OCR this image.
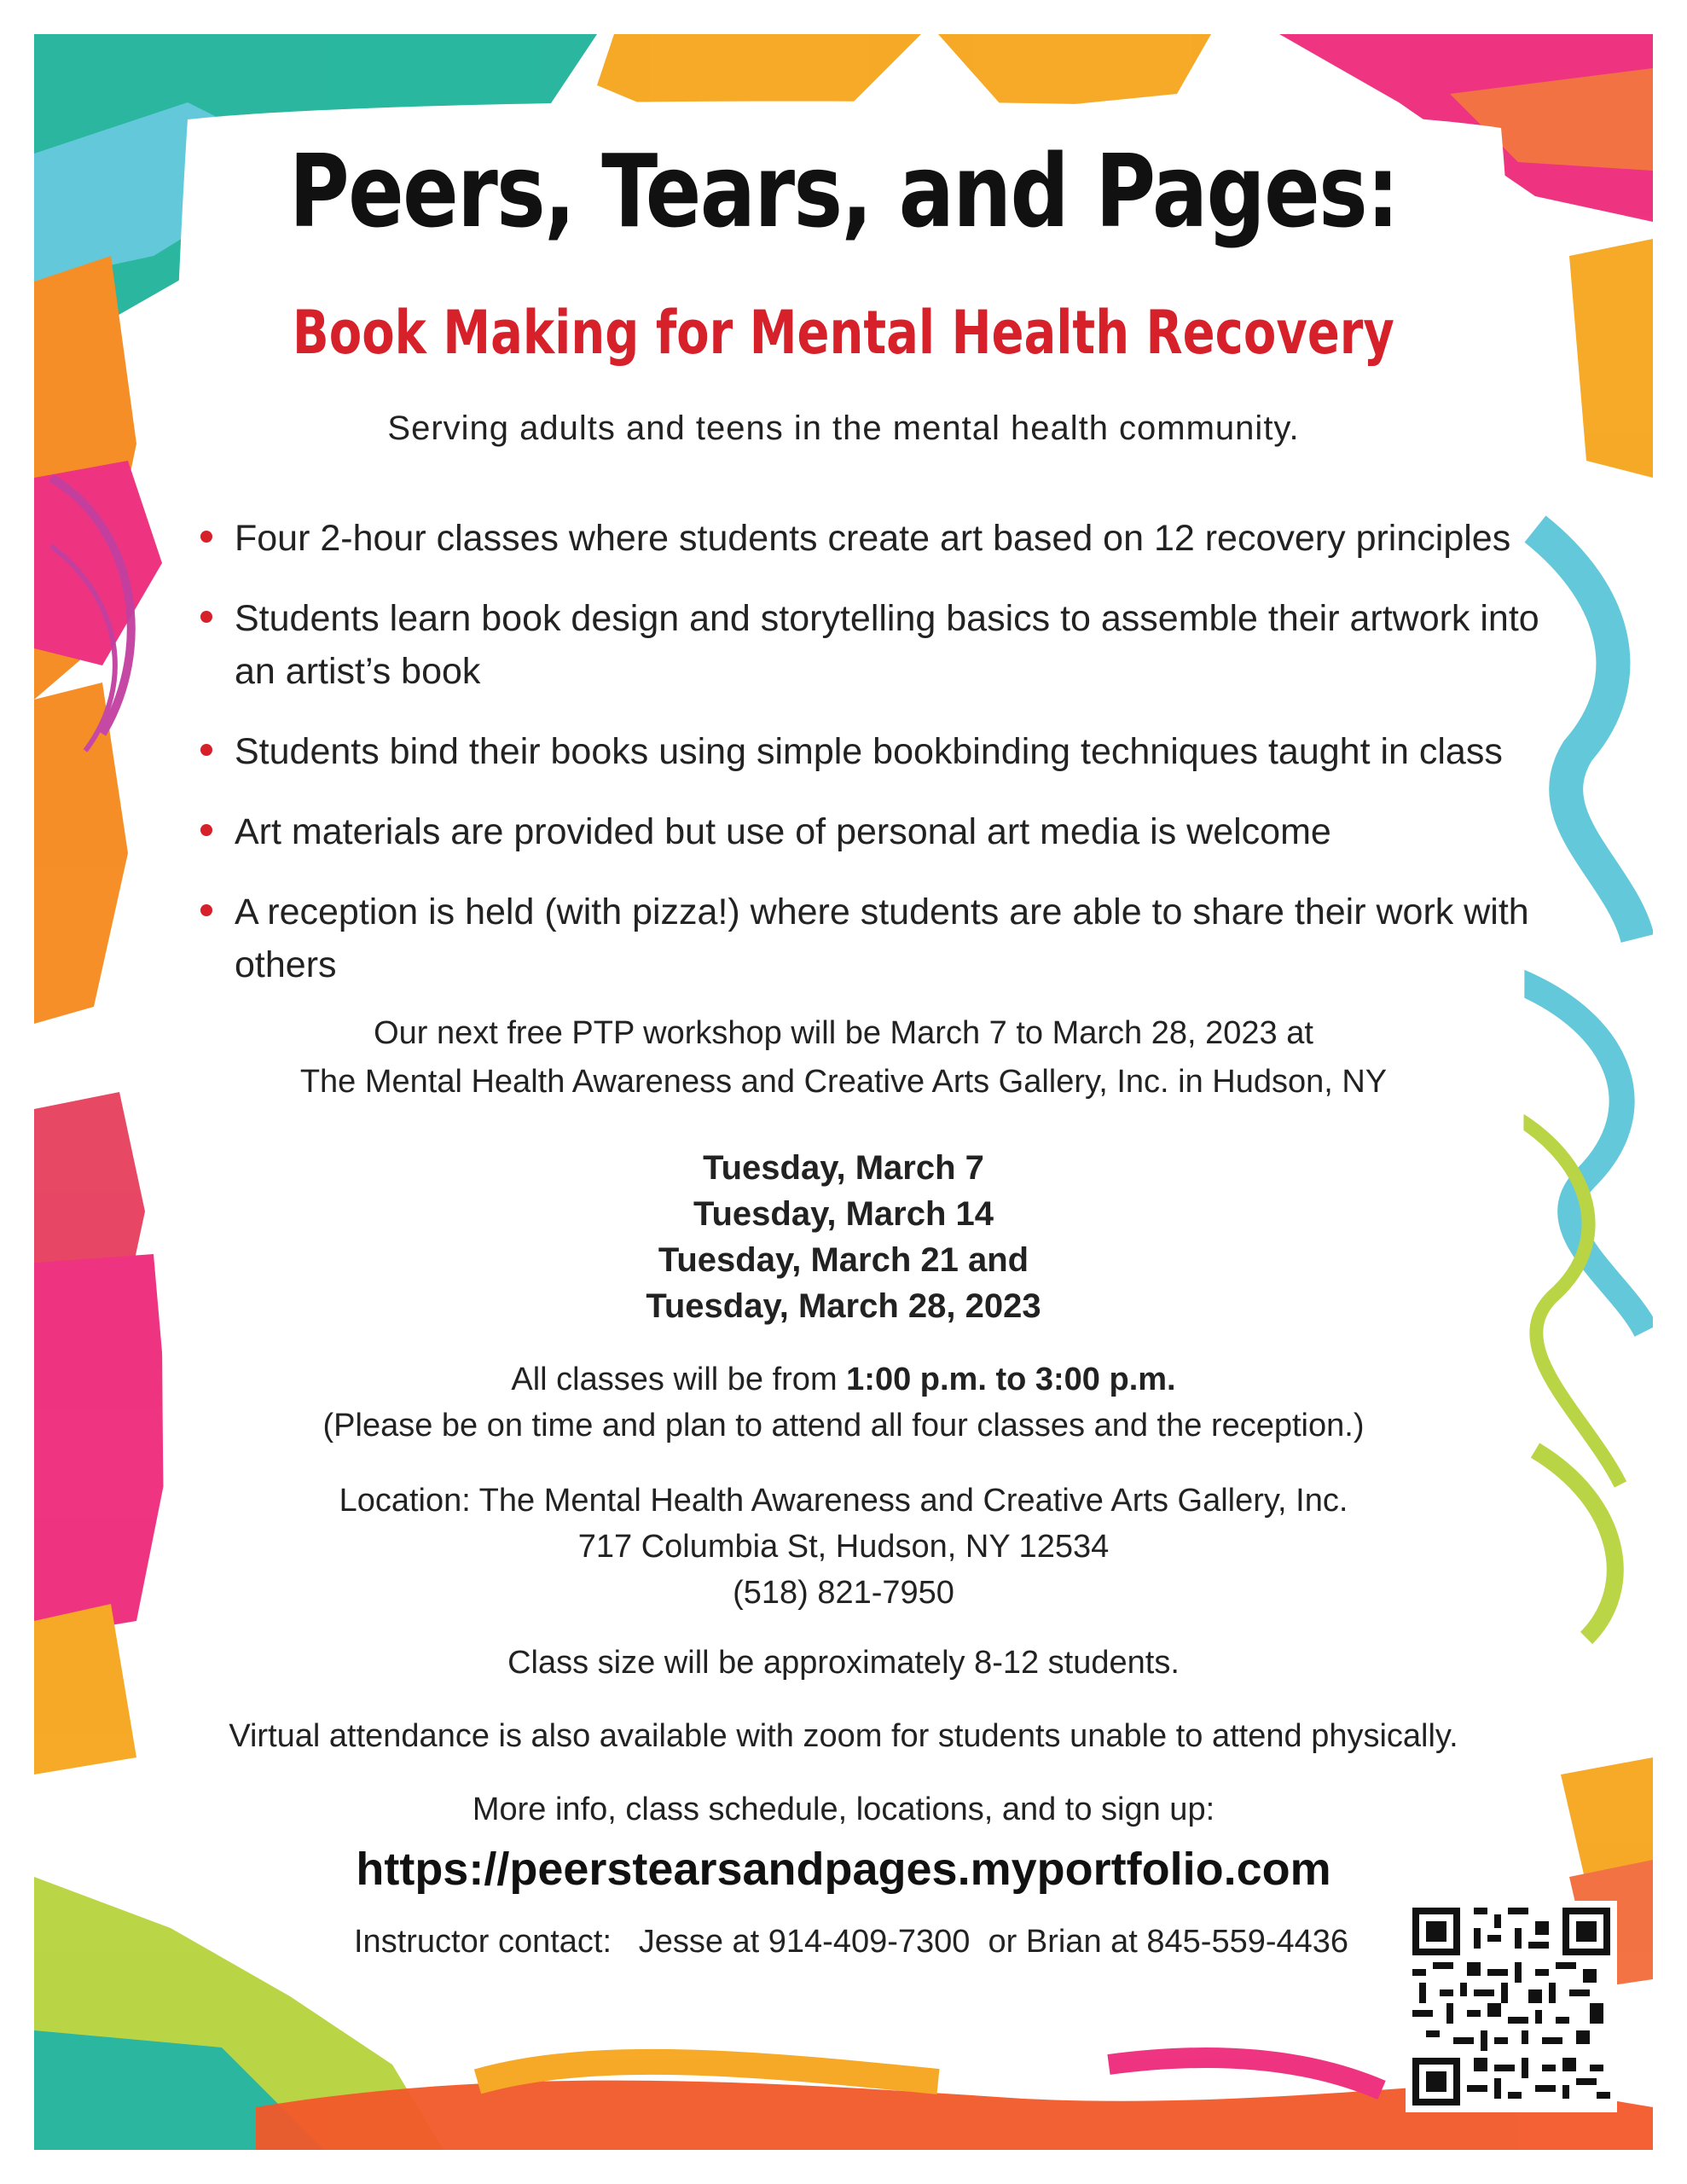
Peers, Tears, and Pages:
Book Making for Mental Health Recovery
Serving adults and teens in the mental health community.
Four 2-hour classes where students create art based on 12 recovery principles
Students learn book design and storytelling basics to assemble their artwork into an artist’s book
Students bind their books using simple bookbinding techniques taught in class
Art materials are provided but use of personal art media is welcome
A reception is held (with pizza!) where students are able to share their work with others
Our next free PTP workshop will be March 7 to March 28, 2023 at
The Mental Health Awareness and Creative Arts Gallery, Inc. in Hudson, NY
Tuesday, March 7
Tuesday, March 14
Tuesday, March 21 and
Tuesday, March 28, 2023
All classes will be from 1:00 p.m. to 3:00 p.m.
(Please be on time and plan to attend all four classes and the reception.)
Location: The Mental Health Awareness and Creative Arts Gallery, Inc.
717 Columbia St, Hudson, NY 12534
(518) 821-7950
Class size will be approximately 8-12 students.
Virtual attendance is also available with zoom for students unable to attend physically.
More info, class schedule, locations, and to sign up:
https://peerstearsandpages.myportfolio.com
Instructor contact:   Jesse at 914-409-7300  or Brian at 845-559-4436
